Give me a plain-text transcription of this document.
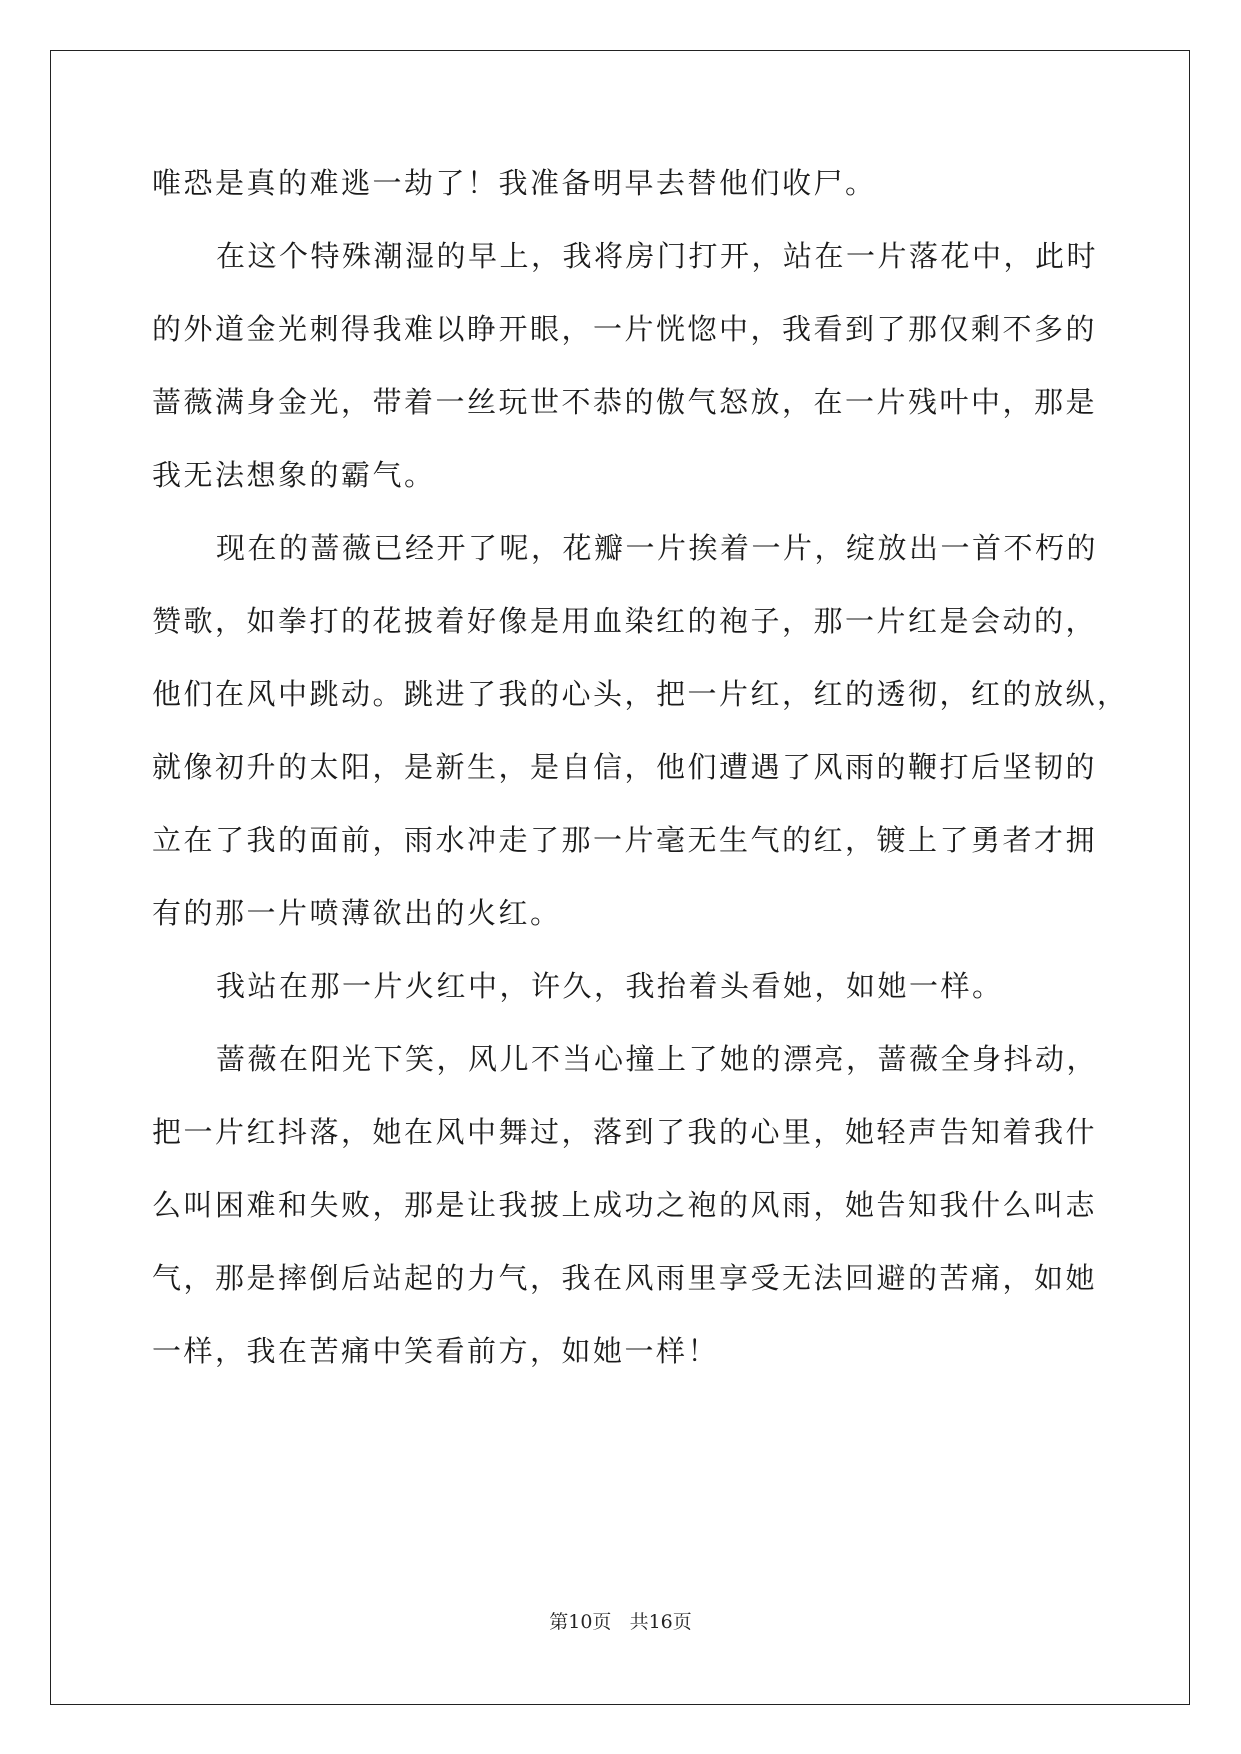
唯恐是真的难逃一劫了！我准备明早去替他们收尸。
在这个特殊潮湿的早上，我将房门打开，站在一片落花中，此时
的外道金光刺得我难以睁开眼，一片恍惚中，我看到了那仅剩不多的
蔷薇满身金光，带着一丝玩世不恭的傲气怒放，在一片残叶中，那是
我无法想象的霸气。
现在的蔷薇已经开了呢，花瓣一片挨着一片，绽放出一首不朽的
赞歌，如拳打的花披着好像是用血染红的袍子，那一片红是会动的，
他们在风中跳动。跳进了我的心头，把一片红，红的透彻，红的放纵，
就像初升的太阳，是新生，是自信，他们遭遇了风雨的鞭打后坚韧的
立在了我的面前，雨水冲走了那一片毫无生气的红，镀上了勇者才拥
有的那一片喷薄欲出的火红。
我站在那一片火红中，许久，我抬着头看她，如她一样。
蔷薇在阳光下笑，风儿不当心撞上了她的漂亮，蔷薇全身抖动，
把一片红抖落，她在风中舞过，落到了我的心里，她轻声告知着我什
么叫困难和失败，那是让我披上成功之袍的风雨，她告知我什么叫志
气，那是摔倒后站起的力气，我在风雨里享受无法回避的苦痛，如她
一样，我在苦痛中笑看前方，如她一样！
第10页 共16页
